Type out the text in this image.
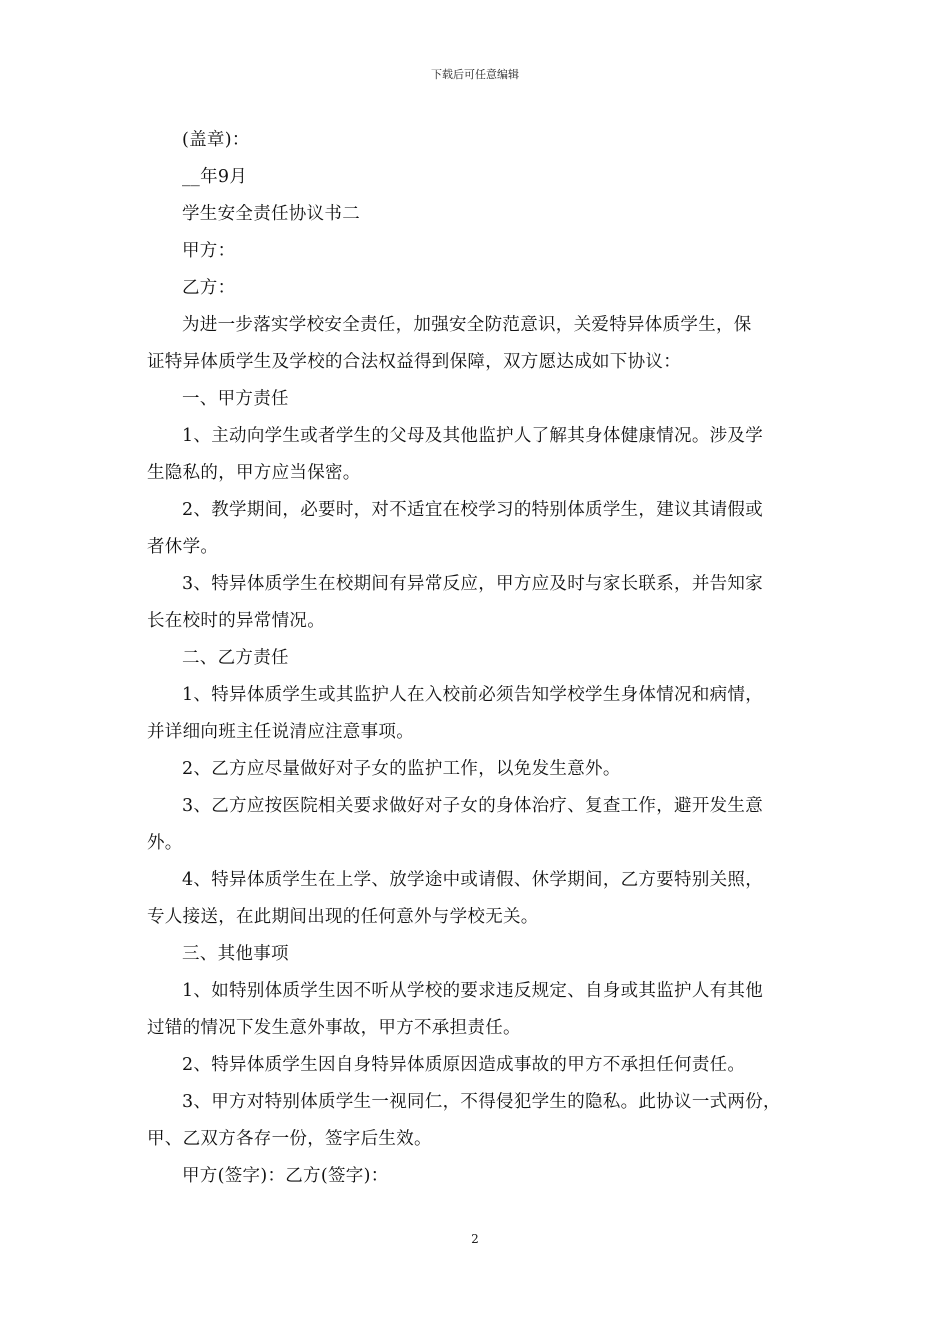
下载后可任意编辑
(盖章)：
__年9月
学生安全责任协议书二
甲方：
乙方：
为进一步落实学校安全责任，加强安全防范意识，关爱特异体质学生，保
证特异体质学生及学校的合法权益得到保障，双方愿达成如下协议：
一、甲方责任
1、主动向学生或者学生的父母及其他监护人了解其身体健康情况。涉及学
生隐私的，甲方应当保密。
2、教学期间，必要时，对不适宜在校学习的特别体质学生，建议其请假或
者休学。
3、特异体质学生在校期间有异常反应，甲方应及时与家长联系，并告知家
长在校时的异常情况。
二、乙方责任
1、特异体质学生或其监护人在入校前必须告知学校学生身体情况和病情，
并详细向班主任说清应注意事项。
2、乙方应尽量做好对子女的监护工作，以免发生意外。
3、乙方应按医院相关要求做好对子女的身体治疗、复查工作，避开发生意
外。
4、特异体质学生在上学、放学途中或请假、休学期间，乙方要特别关照，
专人接送，在此期间出现的任何意外与学校无关。
三、其他事项
1、如特别体质学生因不听从学校的要求违反规定、自身或其监护人有其他
过错的情况下发生意外事故，甲方不承担责任。
2、特异体质学生因自身特异体质原因造成事故的甲方不承担任何责任。
3、甲方对特别体质学生一视同仁，不得侵犯学生的隐私。此协议一式两份，
甲、乙双方各存一份，签字后生效。
甲方(签字)：乙方(签字)：
2
